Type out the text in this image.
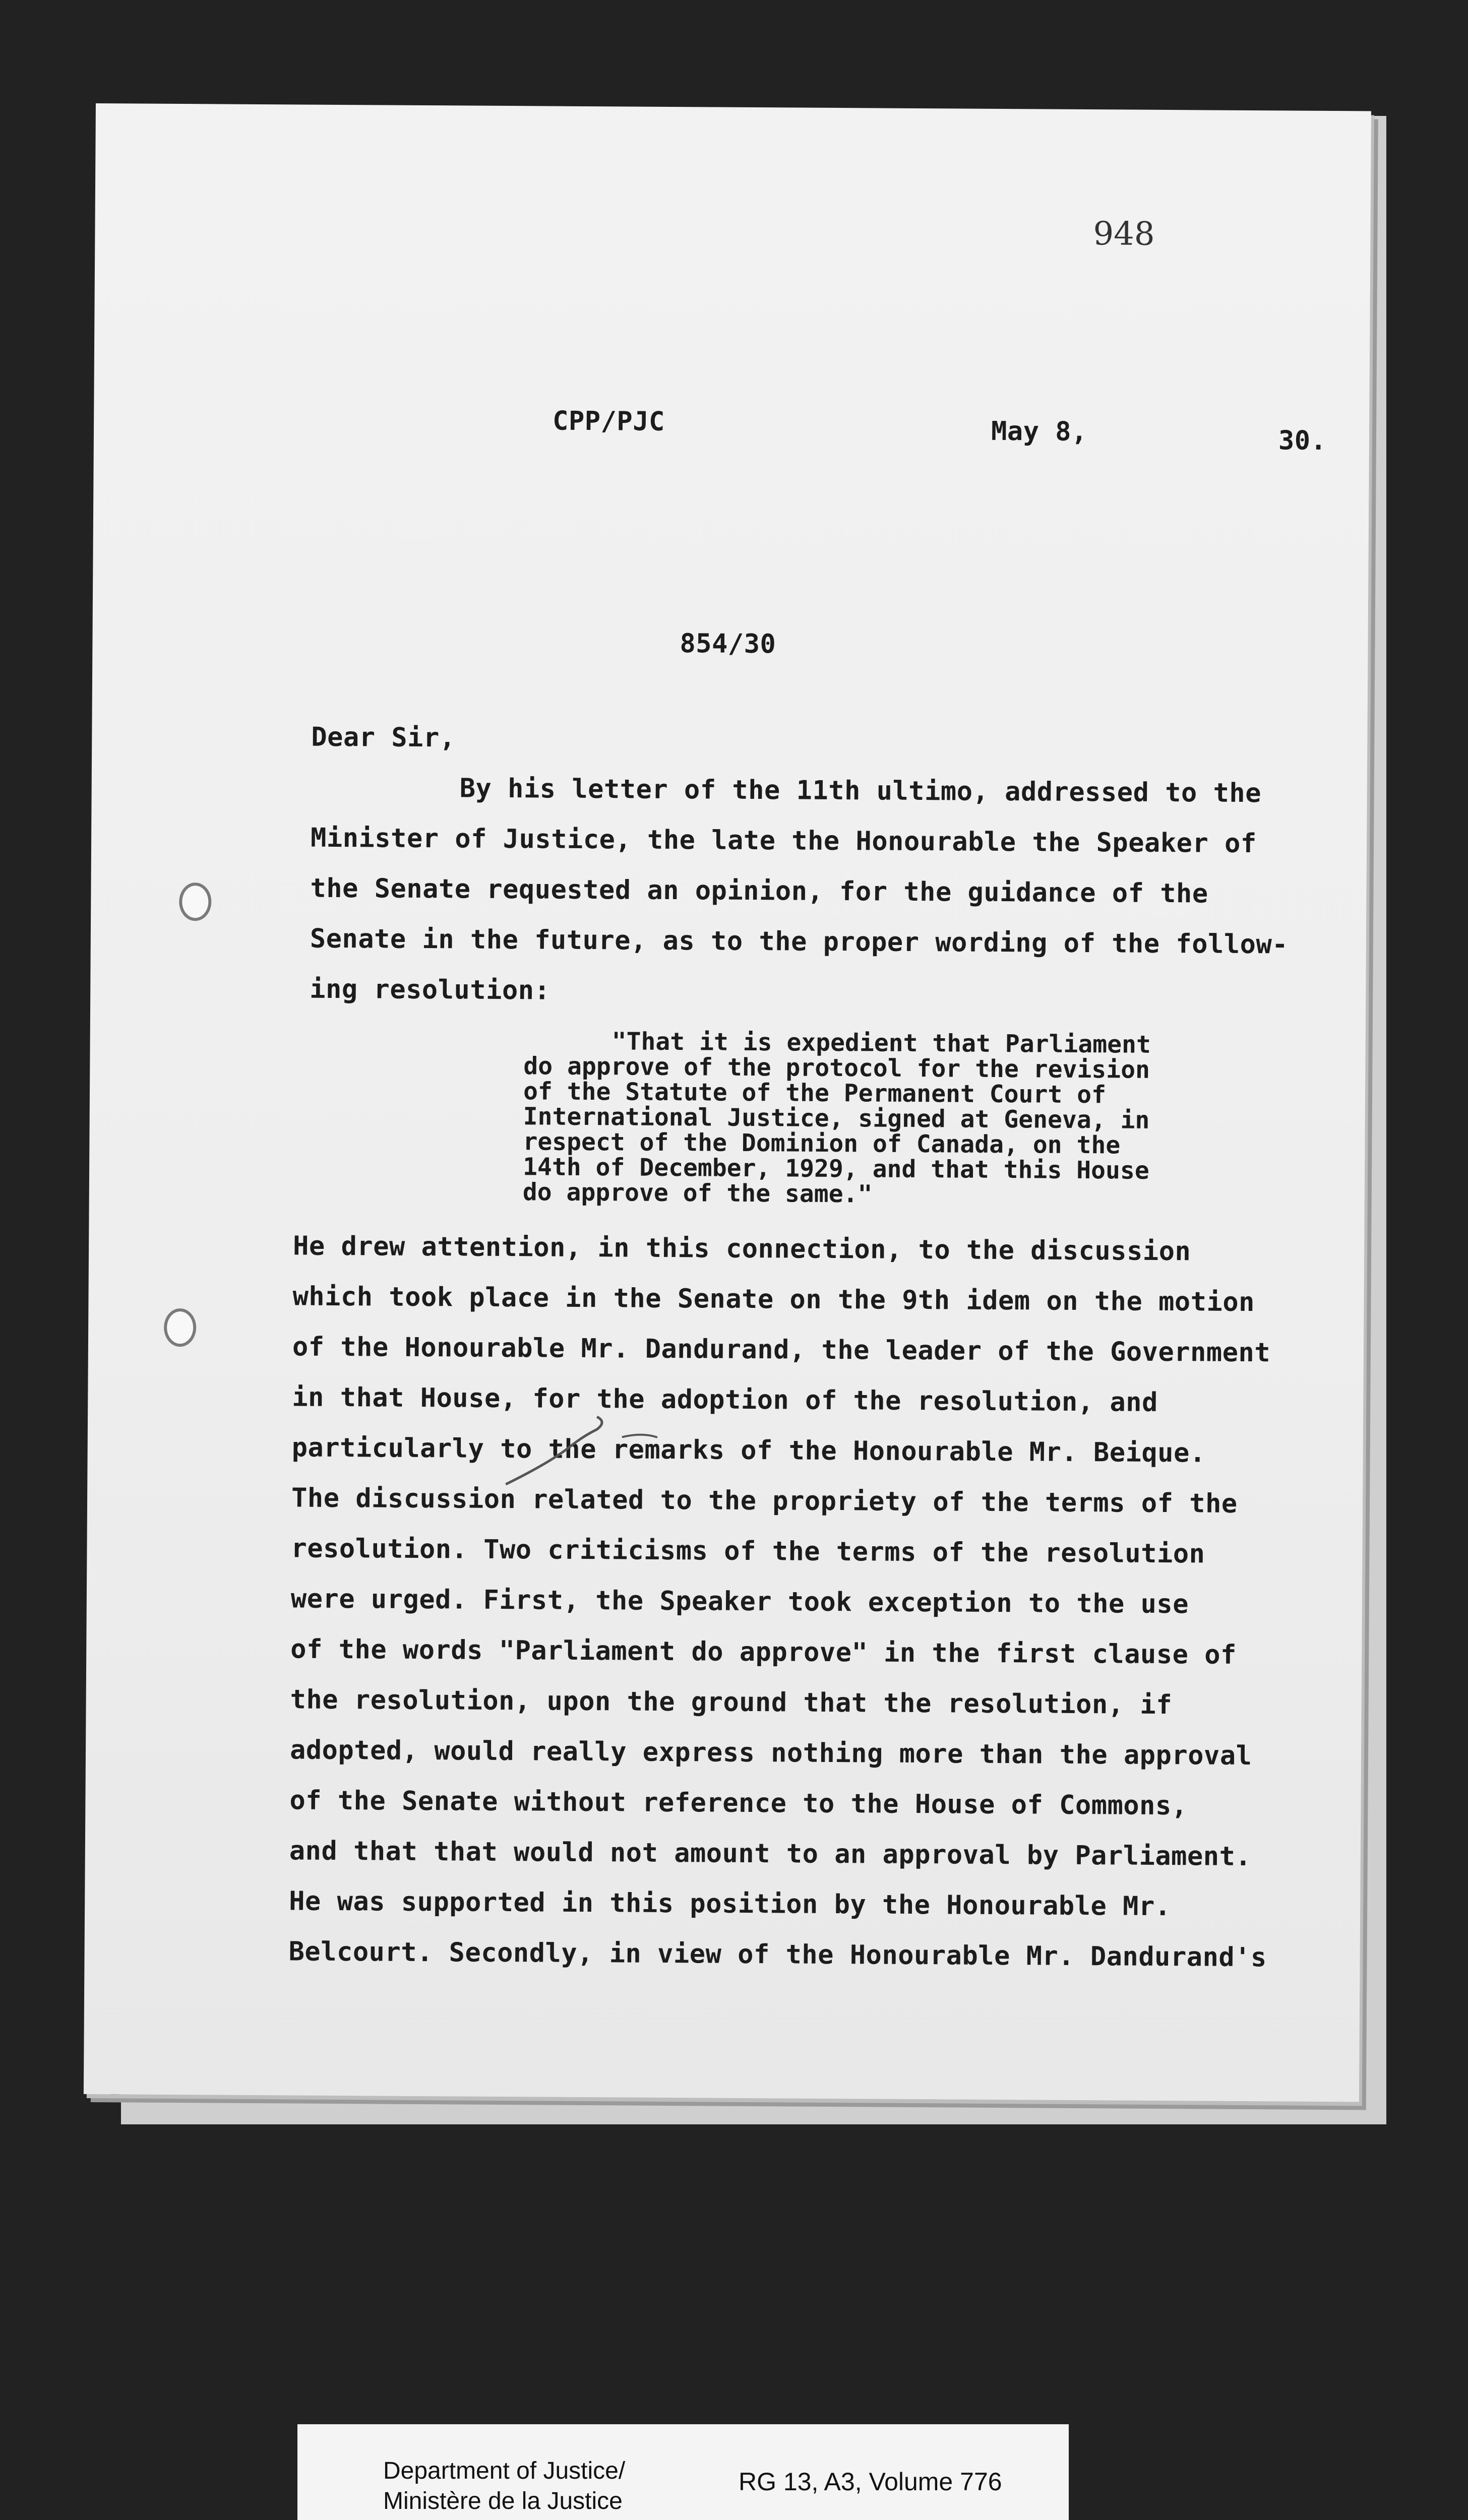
948
CPP/PJC	May 8,	30.
854/30
Dear Sir,
By his letter of the 11th ultimo, addressed to the
Minister of Justice, the late the Honourable the Speaker of
the Senate requested an opinion, for the guidance of the
Senate in the future, as to the proper wording of the follow-
ing resolution:
"That it is expedient that Parliament
do approve of the protocol for the revision
of the Statute of the Permanent Court of
International Justice, signed at Geneva, in
respect of the Dominion of Canada, on the
14th of December, 1929, and that this House
do approve of the same."
He drew attention, in this connection, to the discussion
which took place in the Senate on the 9th idem on the motion
of the Honourable Mr. Dandurand, the leader of the Government
in that House, for the adoption of the resolution, and
particularly to the remarks of the Honourable Mr. Beique.
The discussion related to the propriety of the terms of the
resolution. Two criticisms of the terms of the resolution
were urged. First, the Speaker took exception to the use
of the words "Parliament do approve" in the first clause of
the resolution, upon the ground that the resolution, if
adopted, would really express nothing more than the approval
of the Senate without reference to the House of Commons,
and that that would not amount to an approval by Parliament.
He was supported in this position by the Honourable Mr.
Belcourt. Secondly, in view of the Honourable Mr. Dandurand's
Department of Justice/
Ministère de la Justice
RG 13, A3, Volume 776
